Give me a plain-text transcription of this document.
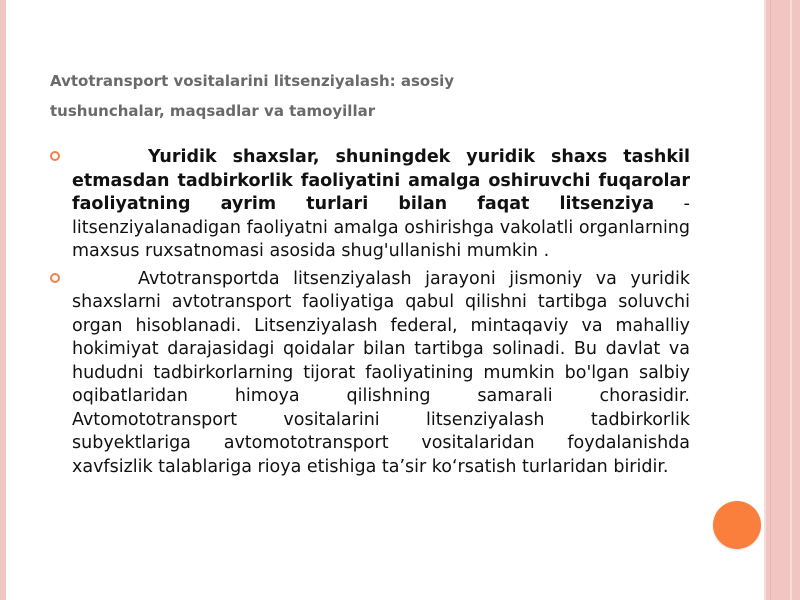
Avtotransport vositalarini litsenziyalash: asosiy
tushunchalar, maqsadlar va tamoyillar
Yuridik shaxslar, shuningdek yuridik shaxs tashkil etmasdan tadbirkorlik faoliyatini amalga oshiruvchi fuqarolar faoliyatning ayrim turlari bilan faqat litsenziya - litsenziyalanadigan faoliyatni amalga oshirishga vakolatli organlarning maxsus ruxsatnomasi asosida shug'ullanishi mumkin .
Avtotransportda litsenziyalash jarayoni jismoniy va yuridik shaxslarni avtotransport faoliyatiga qabul qilishni tartibga soluvchi organ hisoblanadi. Litsenziyalash federal, mintaqaviy va mahalliy hokimiyat darajasidagi qoidalar bilan tartibga solinadi. Bu davlat va hududni tadbirkorlarning tijorat faoliyatining mumkin bo'lgan salbiy oqibatlaridan himoya qilishning samarali chorasidir. Avtomototransport vositalarini litsenziyalash tadbirkorlik subyektlariga avtomototransport vositalaridan foydalanishda xavfsizlik talablariga rioya etishiga ta’sir ko‘rsatish turlaridan biridir.
